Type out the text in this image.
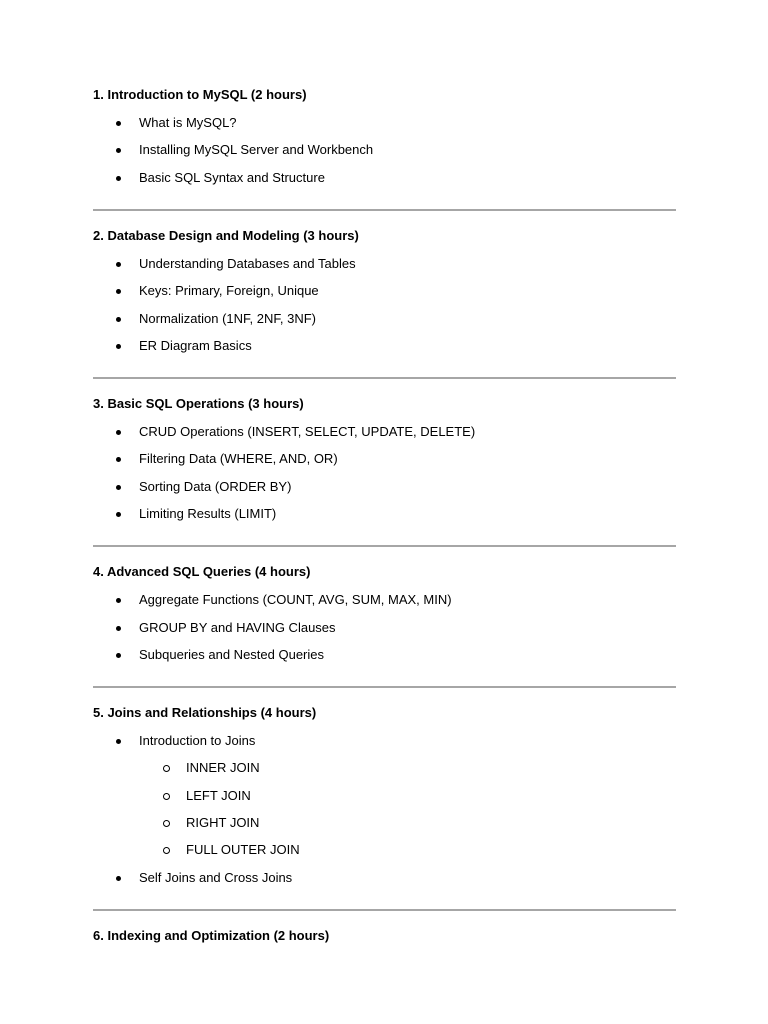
1. Introduction to MySQL (2 hours)
What is MySQL?
Installing MySQL Server and Workbench
Basic SQL Syntax and Structure
2. Database Design and Modeling (3 hours)
Understanding Databases and Tables
Keys: Primary, Foreign, Unique
Normalization (1NF, 2NF, 3NF)
ER Diagram Basics
3. Basic SQL Operations (3 hours)
CRUD Operations (INSERT, SELECT, UPDATE, DELETE)
Filtering Data (WHERE, AND, OR)
Sorting Data (ORDER BY)
Limiting Results (LIMIT)
4. Advanced SQL Queries (4 hours)
Aggregate Functions (COUNT, AVG, SUM, MAX, MIN)
GROUP BY and HAVING Clauses
Subqueries and Nested Queries
5. Joins and Relationships (4 hours)
Introduction to Joins
INNER JOIN
LEFT JOIN
RIGHT JOIN
FULL OUTER JOIN
Self Joins and Cross Joins
6. Indexing and Optimization (2 hours)
